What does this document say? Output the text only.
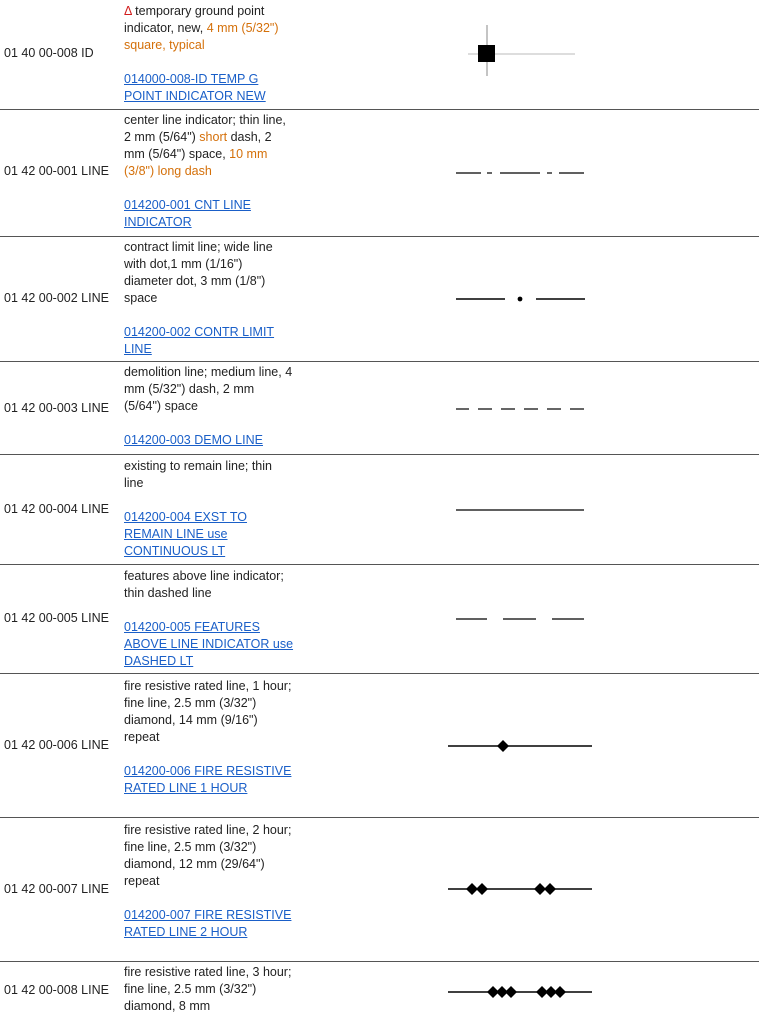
01 40 00-008 ID

Δ temporary ground point indicator, new, 4 mm (5/32") square, typical

014000-008-ID TEMP G POINT INDICATOR NEW

01 42 00-001 LINE

center line indicator; thin line, 2 mm (5/64") short dash, 2 mm (5/64") space, 10 mm (3/8") long dash

014200-001 CNT LINE INDICATOR

01 42 00-002 LINE

contract limit line; wide line with dot,1 mm (1/16") diameter dot, 3 mm (1/8") space

014200-002 CONTR LIMIT LINE

01 42 00-003 LINE

demolition line; medium line, 4 mm (5/32") dash, 2 mm (5/64") space

014200-003 DEMO LINE

01 42 00-004 LINE

existing to remain line; thin line

014200-004 EXST TO REMAIN LINE use CONTINUOUS LT

01 42 00-005 LINE

features above line indicator; thin dashed line

014200-005 FEATURES ABOVE LINE INDICATOR use DASHED LT

01 42 00-006 LINE

fire resistive rated line, 1 hour; fine line, 2.5 mm (3/32") diamond, 14 mm (9/16") repeat

014200-006 FIRE RESISTIVE RATED LINE 1 HOUR

01 42 00-007 LINE

fire resistive rated line, 2 hour; fine line, 2.5 mm (3/32") diamond, 12 mm (29/64") repeat

014200-007 FIRE RESISTIVE RATED LINE 2 HOUR

01 42 00-008 LINE

fire resistive rated line, 3 hour; fine line, 2.5 mm (3/32") diamond, 8 mm
